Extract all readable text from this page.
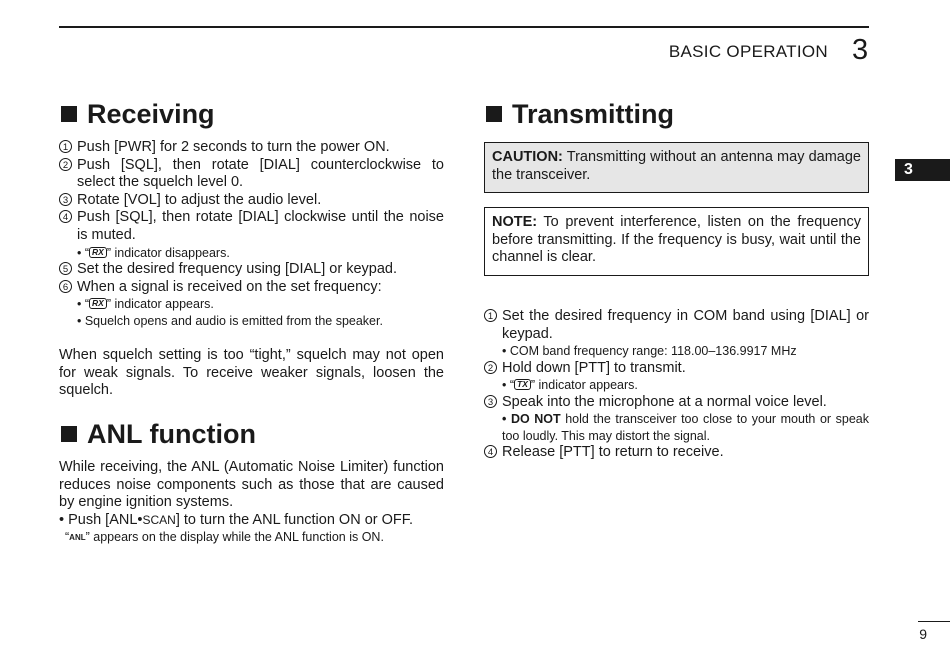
BASIC OPERATION 3
3
9
Receiving
1 Push [PWR] for 2 seconds to turn the power ON.
2 Push [SQL], then rotate [DIAL] counterclockwise to select the squelch level 0.
3 Rotate [VOL] to adjust the audio level.
4 Push [SQL], then rotate [DIAL] clockwise until the noise is muted.
• “ RX ” indicator disappears.
5 Set the desired frequency using [DIAL] or keypad.
6 When a signal is received on the set frequency:
• “ RX ” indicator appears.
• Squelch opens and audio is emitted from the speaker.

When squelch setting is too “tight,” squelch may not open for weak signals. To receive weaker signals, loosen the squelch.

ANL function

While receiving, the ANL (Automatic Noise Limiter) function reduces noise components such as those that are caused by engine ignition systems.

• Push [ANL•SCAN] to turn the ANL function ON or OFF.
“ANL” appears on the display while the ANL function is ON.
Transmitting
CAUTION: Transmitting without an antenna may damage the transceiver.
NOTE: To prevent interference, listen on the frequency before transmitting. If the frequency is busy, wait until the channel is clear.
1 Set the desired frequency in COM band using [DIAL] or keypad.
• COM band frequency range: 118.00–136.9917 MHz
2 Hold down [PTT] to transmit.
• “ TX ” indicator appears.
3 Speak into the microphone at a normal voice level.
• DO NOT hold the transceiver too close to your mouth or speak too loudly. This may distort the signal.
4 Release [PTT] to return to receive.
